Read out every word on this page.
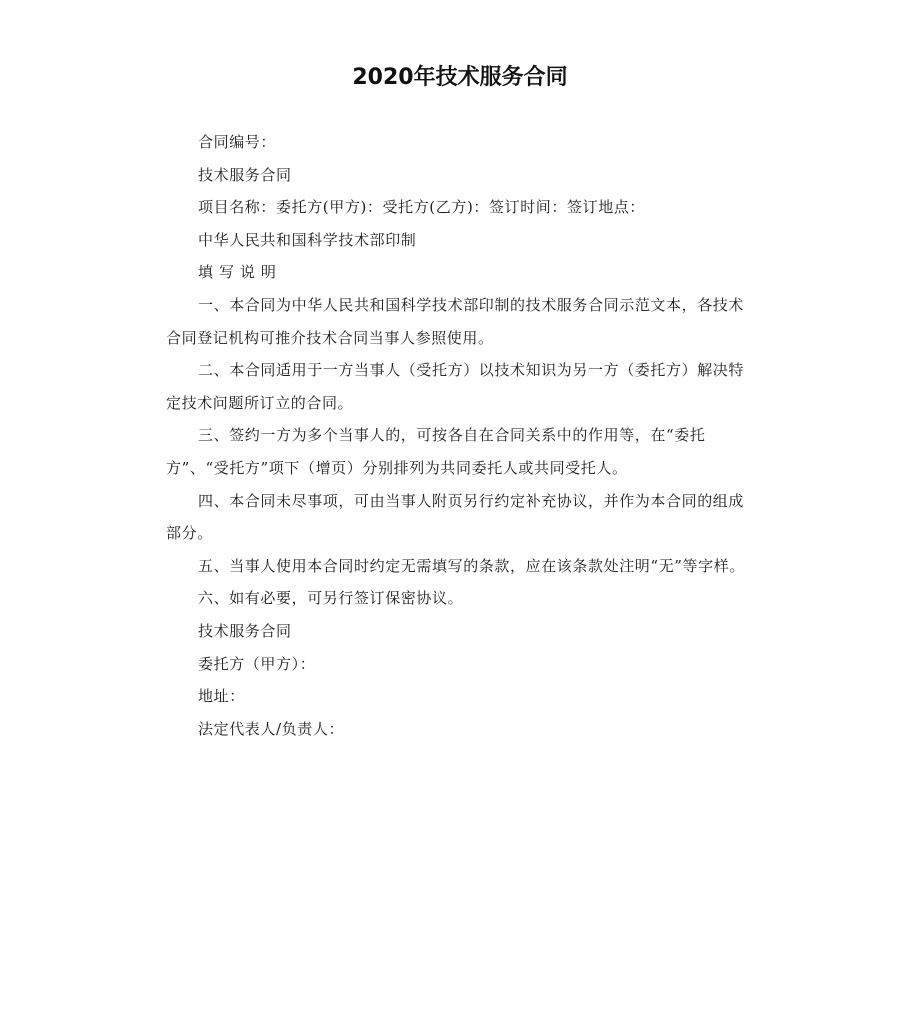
2020年技术服务合同

合同编号：

技术服务合同

项目名称：委托方(甲方)：受托方(乙方)：签订时间：签订地点：

中华人民共和国科学技术部印制

填 写 说 明

一、本合同为中华人民共和国科学技术部印制的技术服务合同示范文本，各技术合同登记机构可推介技术合同当事人参照使用。

二、本合同适用于一方当事人（受托方）以技术知识为另一方（委托方）解决特定技术问题所订立的合同。

三、签约一方为多个当事人的，可按各自在合同关系中的作用等，在“委托方”、“受托方”项下（增页）分别排列为共同委托人或共同受托人。

四、本合同未尽事项，可由当事人附页另行约定补充协议，并作为本合同的组成部分。

五、当事人使用本合同时约定无需填写的条款，应在该条款处注明“无”等字样。

六、如有必要，可另行签订保密协议。

技术服务合同

委托方（甲方）：

地址：

法定代表人/负责人：
